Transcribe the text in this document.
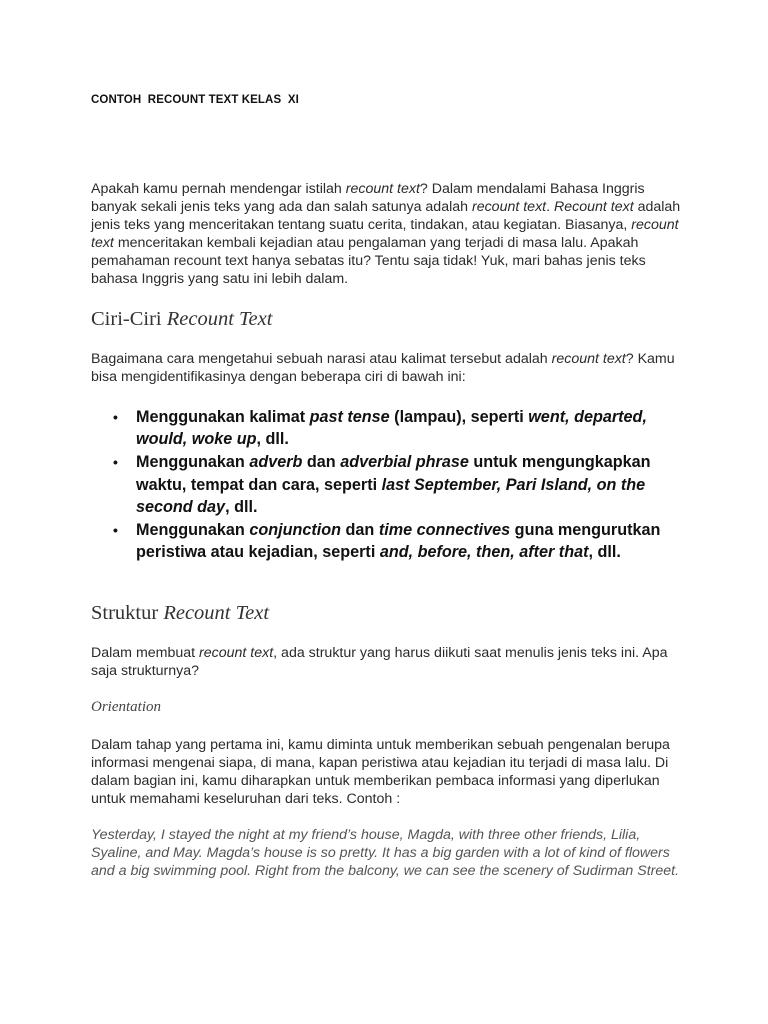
CONTOH  RECOUNT TEXT KELAS  XI

Apakah kamu pernah mendengar istilah recount text? Dalam mendalami Bahasa Inggris banyak sekali jenis teks yang ada dan salah satunya adalah recount text. Recount text adalah jenis teks yang menceritakan tentang suatu cerita, tindakan, atau kegiatan. Biasanya, recount text menceritakan kembali kejadian atau pengalaman yang terjadi di masa lalu. Apakah pemahaman recount text hanya sebatas itu? Tentu saja tidak! Yuk, mari bahas jenis teks bahasa Inggris yang satu ini lebih dalam.

Ciri-Ciri Recount Text

Bagaimana cara mengetahui sebuah narasi atau kalimat tersebut adalah recount text? Kamu bisa mengidentifikasinya dengan beberapa ciri di bawah ini:

• Menggunakan kalimat past tense (lampau), seperti went, departed, would, woke up, dll.
• Menggunakan adverb dan adverbial phrase untuk mengungkapkan waktu, tempat dan cara, seperti last September, Pari Island, on the second day, dll.
• Menggunakan conjunction dan time connectives guna mengurutkan peristiwa atau kejadian, seperti and, before, then, after that, dll.
Struktur Recount Text

Dalam membuat recount text, ada struktur yang harus diikuti saat menulis jenis teks ini. Apa saja strukturnya?

Orientation

Dalam tahap yang pertama ini, kamu diminta untuk memberikan sebuah pengenalan berupa informasi mengenai siapa, di mana, kapan peristiwa atau kejadian itu terjadi di masa lalu. Di dalam bagian ini, kamu diharapkan untuk memberikan pembaca informasi yang diperlukan untuk memahami keseluruhan dari teks. Contoh :

Yesterday, I stayed the night at my friend’s house, Magda, with three other friends, Lilia, Syaline, and May. Magda’s house is so pretty. It has a big garden with a lot of kind of flowers and a big swimming pool. Right from the balcony, we can see the scenery of Sudirman Street.
